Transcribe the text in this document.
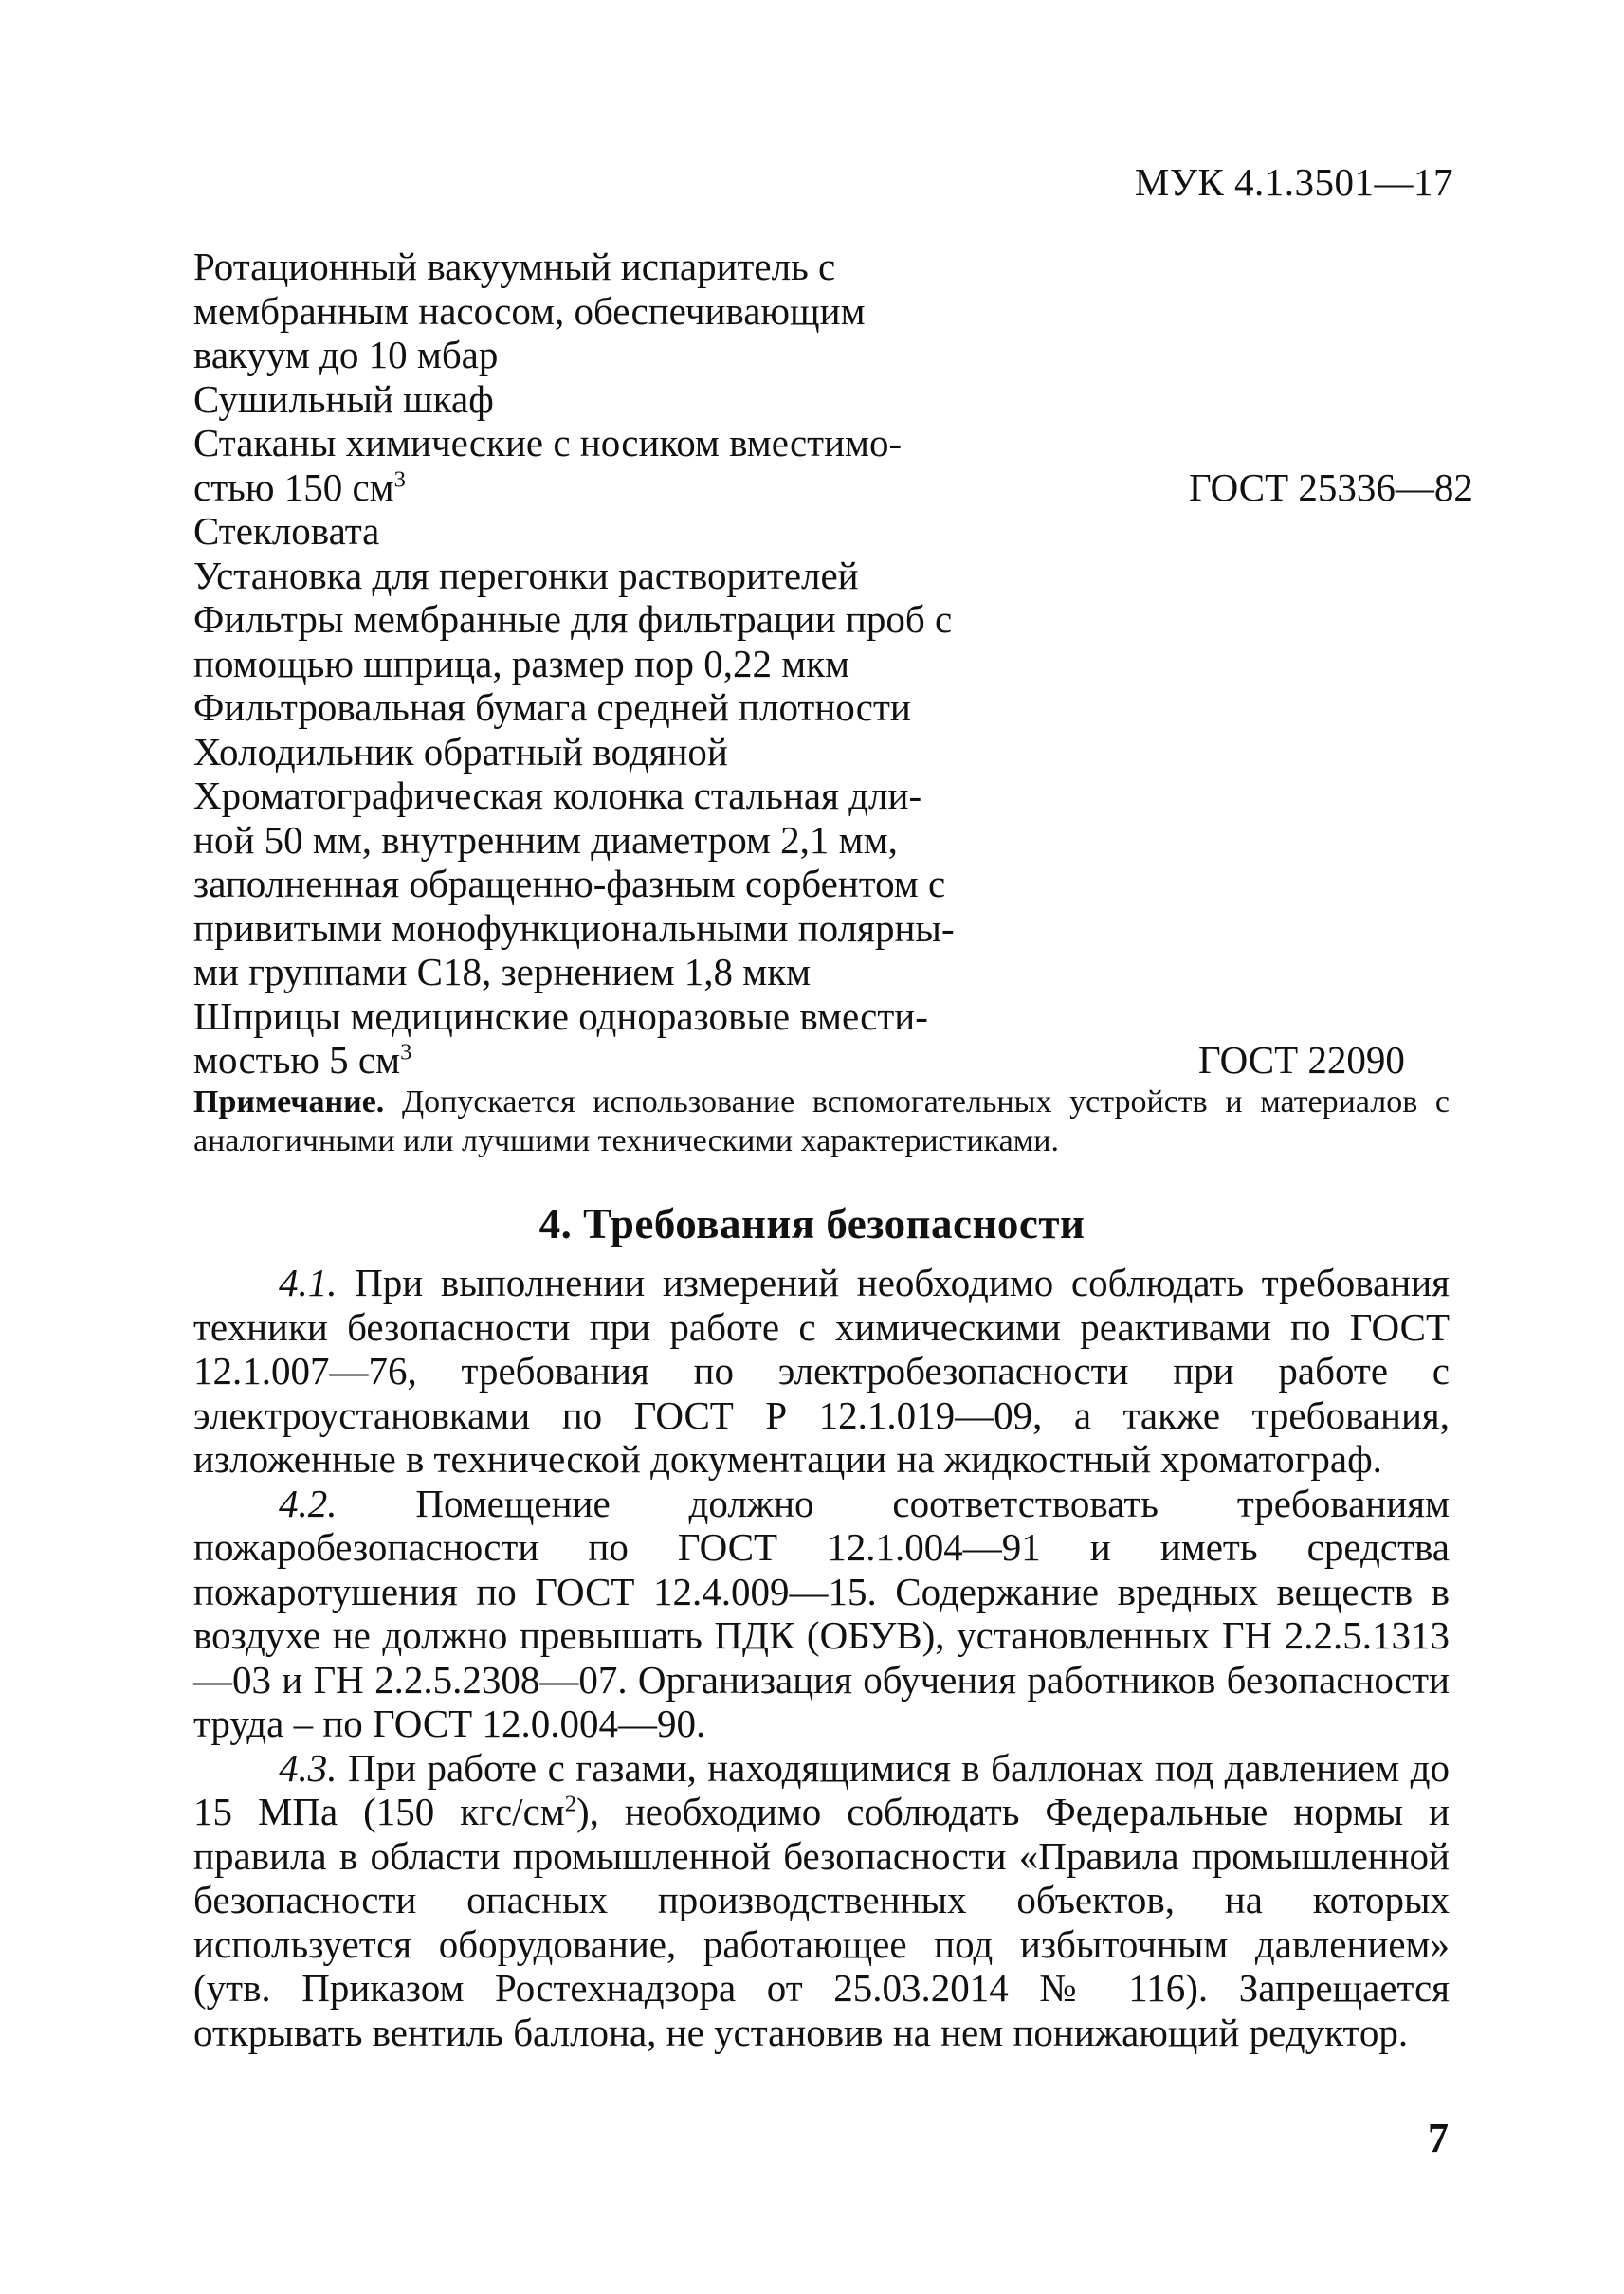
МУК 4.1.3501—17
Ротационный вакуумный испаритель с
мембранным насосом, обеспечивающим
вакуум до 10 мбар
Сушильный шкаф
Стаканы химические с носиком вместимо-
стью 150 $см^3$	ГОСТ 25336—82
Стекловата
Установка для перегонки растворителей
Фильтры мембранные для фильтрации проб с
помощью шприца, размер пор 0,22 мкм
Фильтровальная бумага средней плотности
Холодильник обратный водяной
Хроматографическая колонка стальная дли-
ной 50 мм, внутренним диаметром 2,1 мм,
заполненная обращенно-фазным сорбентом с
привитыми монофункциональными полярны-
ми группами С18, зернением 1,8 мкм
Шприцы медицинские одноразовые вмести-
мостью 5 $см^3$	ГОСТ 22090
Примечание. Допускается использование вспомогательных устройств и материалов с аналогичными или лучшими техническими характеристиками.
4. Требования безопасности

4.1. При выполнении измерений необходимо соблюдать требования техники безопасности при работе с химическими реактивами по ГОСТ 12.1.007—76, требования по электробезопасности при работе с электроустановками по ГОСТ Р 12.1.019—09, а также требования, изложенные в технической документации на жидкостный хроматограф.

4.2. Помещение должно соответствовать требованиям пожаробезопасности по ГОСТ 12.1.004—91 и иметь средства пожаротушения по ГОСТ 12.4.009—15. Содержание вредных веществ в воздухе не должно превышать ПДК (ОБУВ), установленных ГН 2.2.5.1313—03 и ГН 2.2.5.2308—07. Организация обучения работников безопасности труда – по ГОСТ 12.0.004—90.

4.3. При работе с газами, находящимися в баллонах под давлением до 15 МПа (150 кгс/$см^2$), необходимо соблюдать Федеральные нормы и правила в области промышленной безопасности «Правила промышленной безопасности опасных производственных объектов, на которых используется оборудование, работающее под избыточным давлением» (утв. Приказом Ростехнадзора от 25.03.2014 № 116). Запрещается открывать вентиль баллона, не установив на нем понижающий редуктор.

7
